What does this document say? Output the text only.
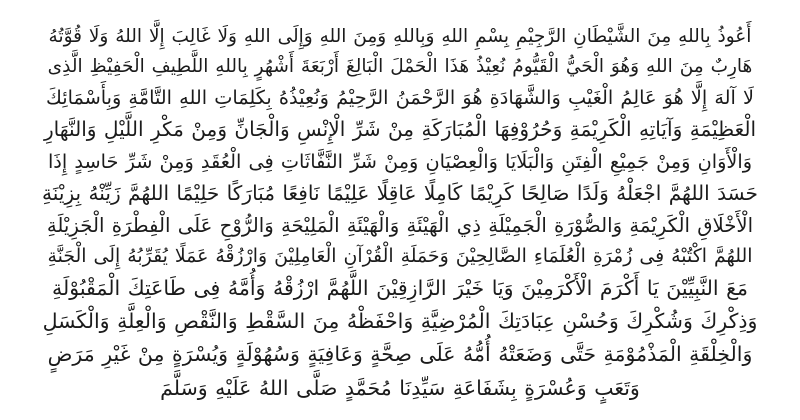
أَعُوذُ بِاللهِ مِنَ الشَّيْطَانِ الرَّجِيْمِ بِسْمِ اللهِ وَبِاللهِ وَمِنَ اللهِ وَإِلَى اللهِ وَلَا غَالِبَ إِلَّا اللهُ وَلَا قُوَّتُهُ
هَارِبٌ مِنَ اللهِ وَهُوَ الْحَيُّ الْقَيُّومُ نُعِيْذُ هَذَا الْحَمْلَ الْبَالِغَ أَرْبَعَةَ أَشْهُرٍ بِاللهِ اللَّطِيفِ الْحَفِيْظِ الَّذِى
لَا آلهَ إِلَّا هُوَ عَالِمُ الْغَيْبِ وَالشَّهَادَةِ هُوَ الرَّحْمَنُ الرَّحِيْمُ وَنُعِيْذُهُ بِكَلِمَاتِ اللهِ التَّامَّةِ وَبِأَسْمَائِكَ
الْعَظِيْمَةِ وَآيَاتِهِ الْكَرِيْمَةِ وَحُرُوْفِهَا الْمُبَارَكَةِ مِنْ شَرِّ الْإِنْسِ وَالْجَانِّ وَمِنْ مَكْرِ اللَّيْلِ وَالنَّهَارِ
وَالْأَوَانِ وَمِنْ جَمِيْعِ الْفِتَنِ وَالْبَلَايَا وَالْعِصْيَانِ وَمِنْ شَرِّ النَّفَّاثَاتِ فِى الْعُقَدِ وَمِنْ شَرِّ حَاسِدٍ إِذَا
حَسَدَ اللهُمَّ اجْعَلْهُ وَلَدًا صَالِحًا كَرِيْمًا كَامِلًا عَاقِلًا عَلِيْمًا نَافِعًا مُبَارَكًا حَلِيْمًا اللهُمَّ زَيِّنْهُ بِزِيْنَةِ
الْأَخْلَاقِ الْكَرِيْمَةِ وَالصُّوْرَةِ الْجَمِيْلَةِ ذِي الْهَيْئَةِ وَالْهَيْئَةِ الْمَلِيْحَةِ وَالرُّوْحِ عَلَى الْفِطْرَةِ الْجَزِيْلَةِ
اللهُمَّ اكْتُبْهُ فِى زُمْرَةِ الْعُلَمَاءِ الصَّالِحِيْنَ وَحَمَلَةِ الْقُرْآنِ الْعَامِلِيْنَ وَارْزُقْهُ عَمَلًا يُقَرِّبُهُ إِلَى الْجَنَّةِ
مَعَ النَّبِيِّيْنَ يَا أَكْرَمَ الْأَكْرَمِيْنَ وَيَا خَيْرَ الرَّازِقِيْنَ اللَّهُمَّ ارْزُقْهُ وَأُمَّهُ فِى طَاعَتِكَ الْمَقْبُوْلَةِ
وَذِكْرِكَ وَشُكْرِكَ وَحُسْنِ عِبَادَتِكَ الْمُرْضِيَّةِ وَاحْفَظْهُ مِنَ السَّقْطِ وَالنَّقْصِ وَالْعِلَّةِ وَالْكَسَلِ
وَالْخِلْقَةِ الْمَذْمُوْمَةِ حَتَّى وَضَعَتْهُ أُمُّهُ عَلَى صِحَّةٍ وَعَافِيَةٍ وَسُهُوْلَةٍ وَيُسْرَةٍ مِنْ غَيْرِ مَرَضٍ
وَتَعَبٍ وَعُسْرَةٍ بِشَفَاعَةِ سَيِّدِنَا مُحَمَّدٍ صَلَّى اللهُ عَلَيْهِ وَسَلَّمَ
